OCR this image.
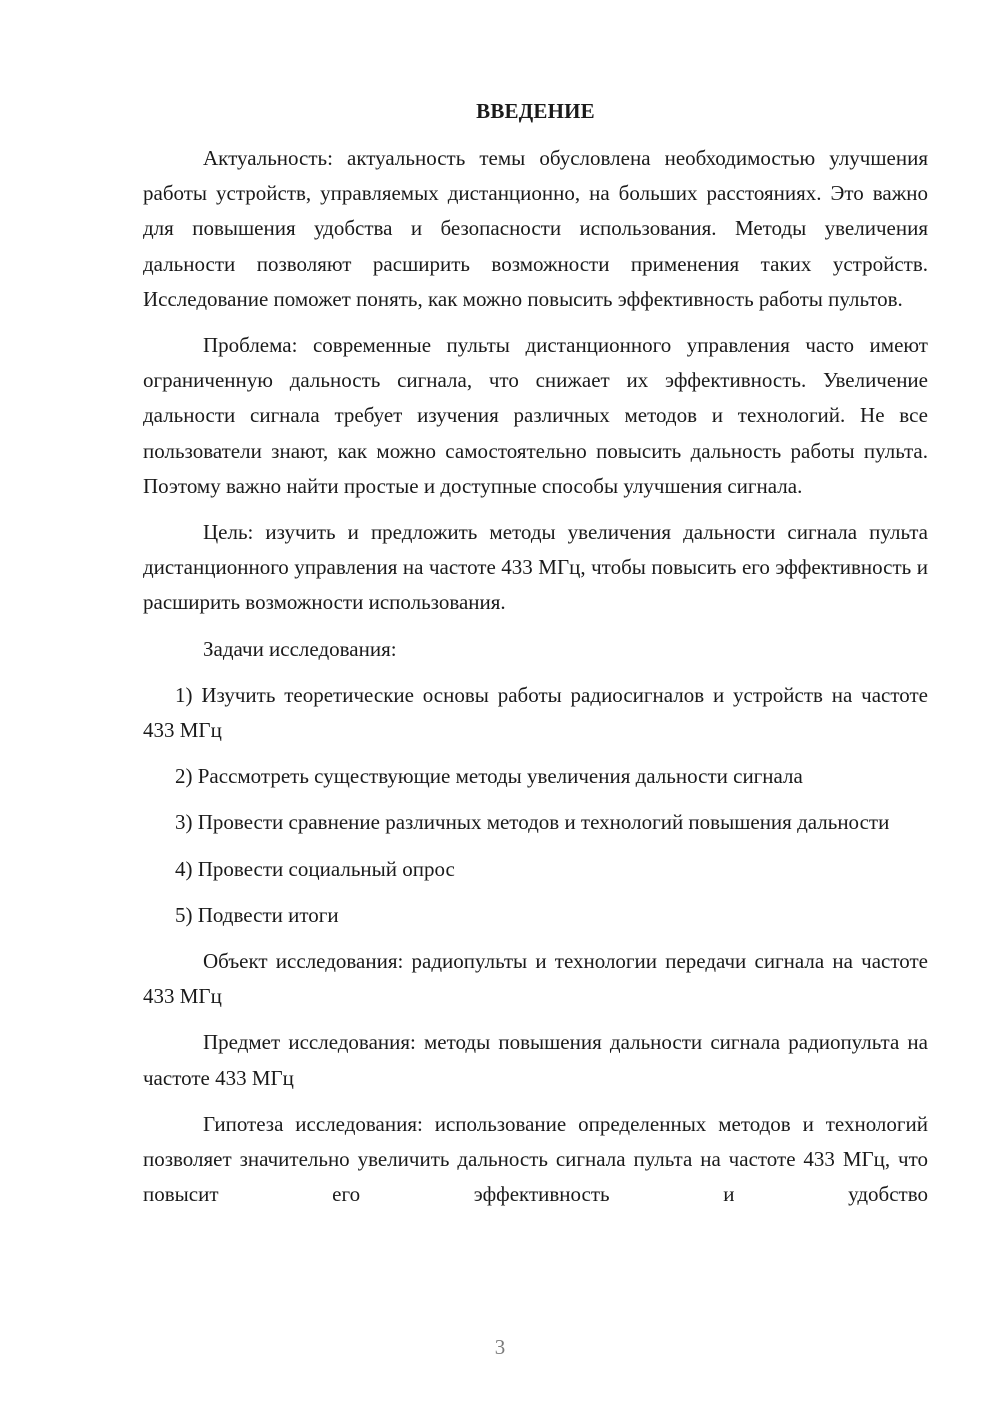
ВВЕДЕНИЕ

Актуальность: актуальность темы обусловлена необходимостью улучшения работы устройств, управляемых дистанционно, на больших расстояниях. Это важно для повышения удобства и безопасности использования. Методы увеличения дальности позволяют расширить возможности применения таких устройств. Исследование поможет понять, как можно повысить эффективность работы пультов.

Проблема: современные пульты дистанционного управления часто имеют ограниченную дальность сигнала, что снижает их эффективность. Увеличение дальности сигнала требует изучения различных методов и технологий. Не все пользователи знают, как можно самостоятельно повысить дальность работы пульта. Поэтому важно найти простые и доступные способы улучшения сигнала.

Цель: изучить и предложить методы увеличения дальности сигнала пульта дистанционного управления на частоте 433 МГц, чтобы повысить его эффективность и расширить возможности использования.

Задачи исследования:

1) Изучить теоретические основы работы радиосигналов и устройств на частоте 433 МГц

2) Рассмотреть существующие методы увеличения дальности сигнала

3) Провести сравнение различных методов и технологий повышения дальности

4) Провести социальный опрос

5) Подвести итоги

Объект исследования: радиопульты и технологии передачи сигнала на частоте 433 МГц

Предмет исследования: методы повышения дальности сигнала радиопульта на частоте 433 МГц

Гипотеза исследования: использование определенных методов и технологий позволяет значительно увеличить дальность сигнала пульта на частоте 433 МГц, что повысит его эффективность и удобство

3
